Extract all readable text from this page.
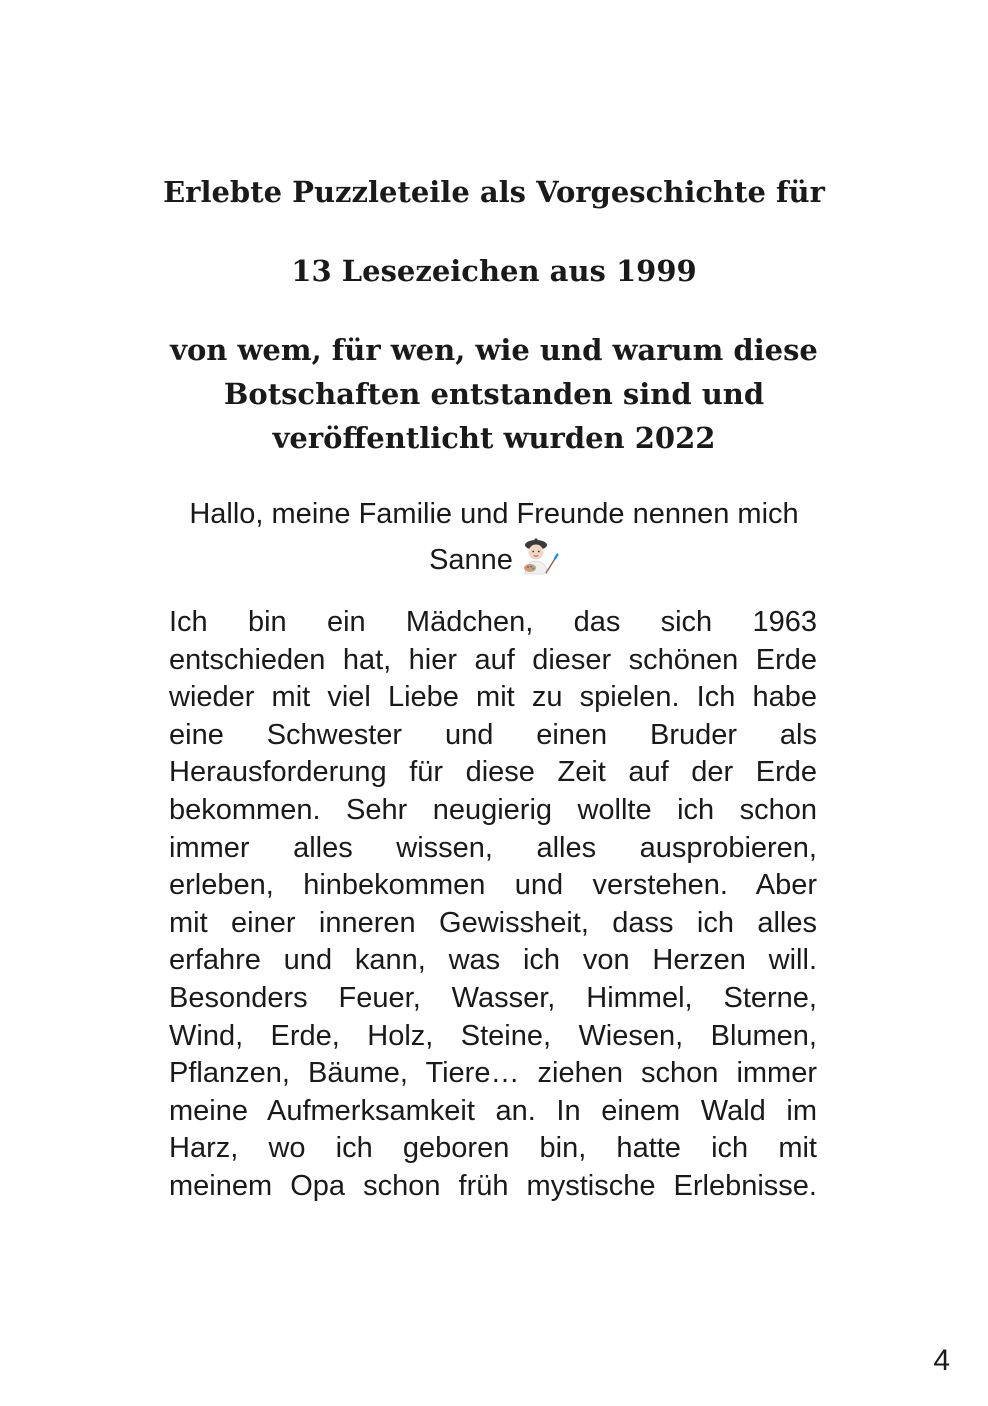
Erlebte Puzzleteile als Vorgeschichte für
13 Lesezeichen aus 1999
von wem, für wen, wie und warum diese
Botschaften entstanden sind und
veröffentlicht wurden 2022
Hallo, meine Familie und Freunde nennen mich
Sanne
Ich bin ein Mädchen, das sich 1963
entschieden hat, hier auf dieser schönen Erde
wieder mit viel Liebe mit zu spielen. Ich habe
eine Schwester und einen Bruder als
Herausforderung für diese Zeit auf der Erde
bekommen. Sehr neugierig wollte ich schon
immer alles wissen, alles ausprobieren,
erleben, hinbekommen und verstehen. Aber
mit einer inneren Gewissheit, dass ich alles
erfahre und kann, was ich von Herzen will.
Besonders Feuer, Wasser, Himmel, Sterne,
Wind, Erde, Holz, Steine, Wiesen, Blumen,
Pflanzen, Bäume, Tiere… ziehen schon immer
meine Aufmerksamkeit an. In einem Wald im
Harz, wo ich geboren bin, hatte ich mit
meinem Opa schon früh mystische Erlebnisse.
4
